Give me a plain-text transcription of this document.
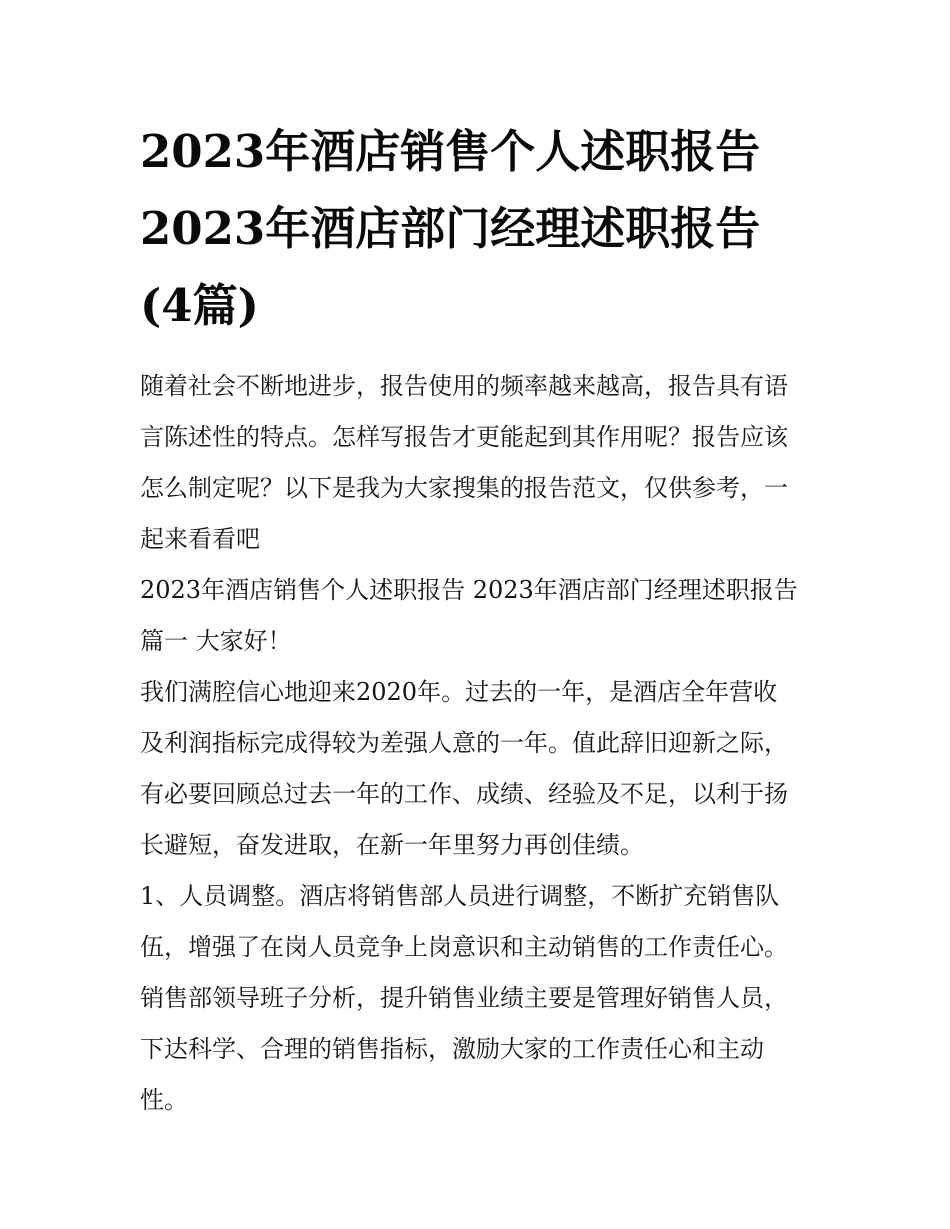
2023年酒店销售个人述职报告
2023年酒店部门经理述职报告
(4篇)
随着社会不断地进步，报告使用的频率越来越高，报告具有语
言陈述性的特点。怎样写报告才更能起到其作用呢？报告应该
怎么制定呢？以下是我为大家搜集的报告范文，仅供参考，一
起来看看吧
2023年酒店销售个人述职报告 2023年酒店部门经理述职报告
篇一 大家好！
我们满腔信心地迎来2020年。过去的一年，是酒店全年营收
及利润指标完成得较为差强人意的一年。值此辞旧迎新之际，
有必要回顾总过去一年的工作、成绩、经验及不足，以利于扬
长避短，奋发进取，在新一年里努力再创佳绩。
1、人员调整。酒店将销售部人员进行调整，不断扩充销售队
伍，增强了在岗人员竞争上岗意识和主动销售的工作责任心。
销售部领导班子分析，提升销售业绩主要是管理好销售人员，
下达科学、合理的销售指标，激励大家的工作责任心和主动
性。
